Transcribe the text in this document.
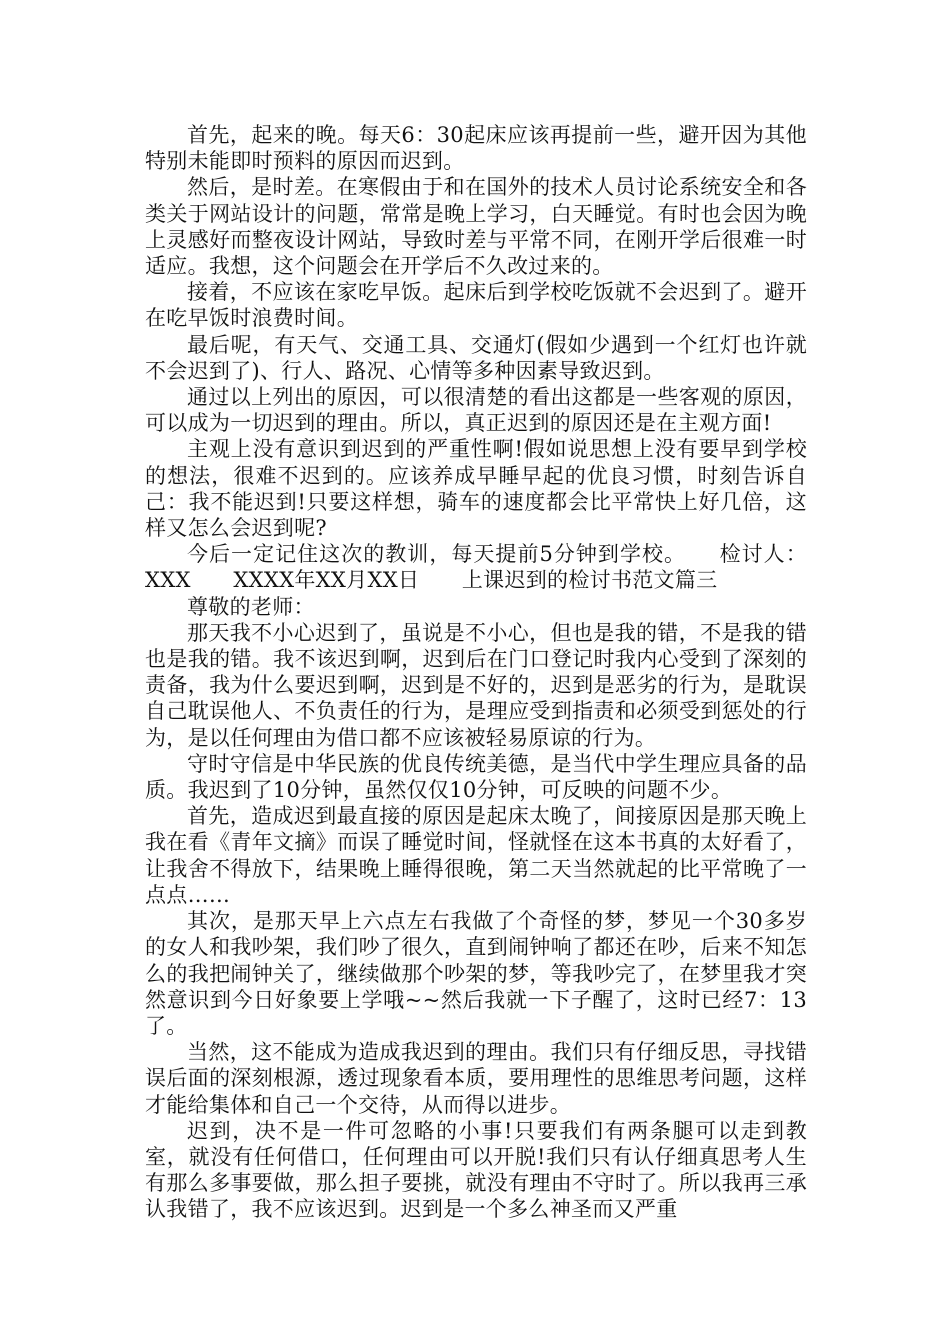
首先，起来的晚。每天6：30起床应该再提前一些，避开因为其他特别未能即时预料的原因而迟到。

然后，是时差。在寒假由于和在国外的技术人员讨论系统安全和各类关于网站设计的问题，常常是晚上学习，白天睡觉。有时也会因为晚上灵感好而整夜设计网站，导致时差与平常不同，在刚开学后很难一时适应。我想，这个问题会在开学后不久改过来的。

接着，不应该在家吃早饭。起床后到学校吃饭就不会迟到了。避开在吃早饭时浪费时间。

最后呢，有天气、交通工具、交通灯(假如少遇到一个红灯也许就不会迟到了)、行人、路况、心情等多种因素导致迟到。

通过以上列出的原因，可以很清楚的看出这都是一些客观的原因，可以成为一切迟到的理由。所以，真正迟到的原因还是在主观方面!

主观上没有意识到迟到的严重性啊!假如说思想上没有要早到学校的想法，很难不迟到的。应该养成早睡早起的优良习惯，时刻告诉自己：我不能迟到!只要这样想，骑车的速度都会比平常快上好几倍，这样又怎么会迟到呢?

今后一定记住这次的教训，每天提前5分钟到学校。　　检讨人：XXX　　XXXX年XX月XX日　　上课迟到的检讨书范文篇三

尊敬的老师：

那天我不小心迟到了，虽说是不小心，但也是我的错，不是我的错也是我的错。我不该迟到啊，迟到后在门口登记时我内心受到了深刻的责备，我为什么要迟到啊，迟到是不好的，迟到是恶劣的行为，是耽误自己耽误他人、不负责任的行为，是理应受到指责和必须受到惩处的行为，是以任何理由为借口都不应该被轻易原谅的行为。

守时守信是中华民族的优良传统美德，是当代中学生理应具备的品质。我迟到了10分钟，虽然仅仅10分钟，可反映的问题不少。

首先，造成迟到最直接的原因是起床太晚了，间接原因是那天晚上我在看《青年文摘》而误了睡觉时间，怪就怪在这本书真的太好看了，让我舍不得放下，结果晚上睡得很晚，第二天当然就起的比平常晚了一点点……

其次，是那天早上六点左右我做了个奇怪的梦，梦见一个30多岁的女人和我吵架，我们吵了很久，直到闹钟响了都还在吵，后来不知怎么的我把闹钟关了，继续做那个吵架的梦，等我吵完了，在梦里我才突然意识到今日好象要上学哦~~然后我就一下子醒了，这时已经7：13了。

当然，这不能成为造成我迟到的理由。我们只有仔细反思，寻找错误后面的深刻根源，透过现象看本质，要用理性的思维思考问题，这样才能给集体和自己一个交待，从而得以进步。

迟到，决不是一件可忽略的小事!只要我们有两条腿可以走到教室，就没有任何借口，任何理由可以开脱!我们只有认仔细真思考人生有那么多事要做，那么担子要挑，就没有理由不守时了。所以我再三承认我错了，我不应该迟到。迟到是一个多么神圣而又严重
